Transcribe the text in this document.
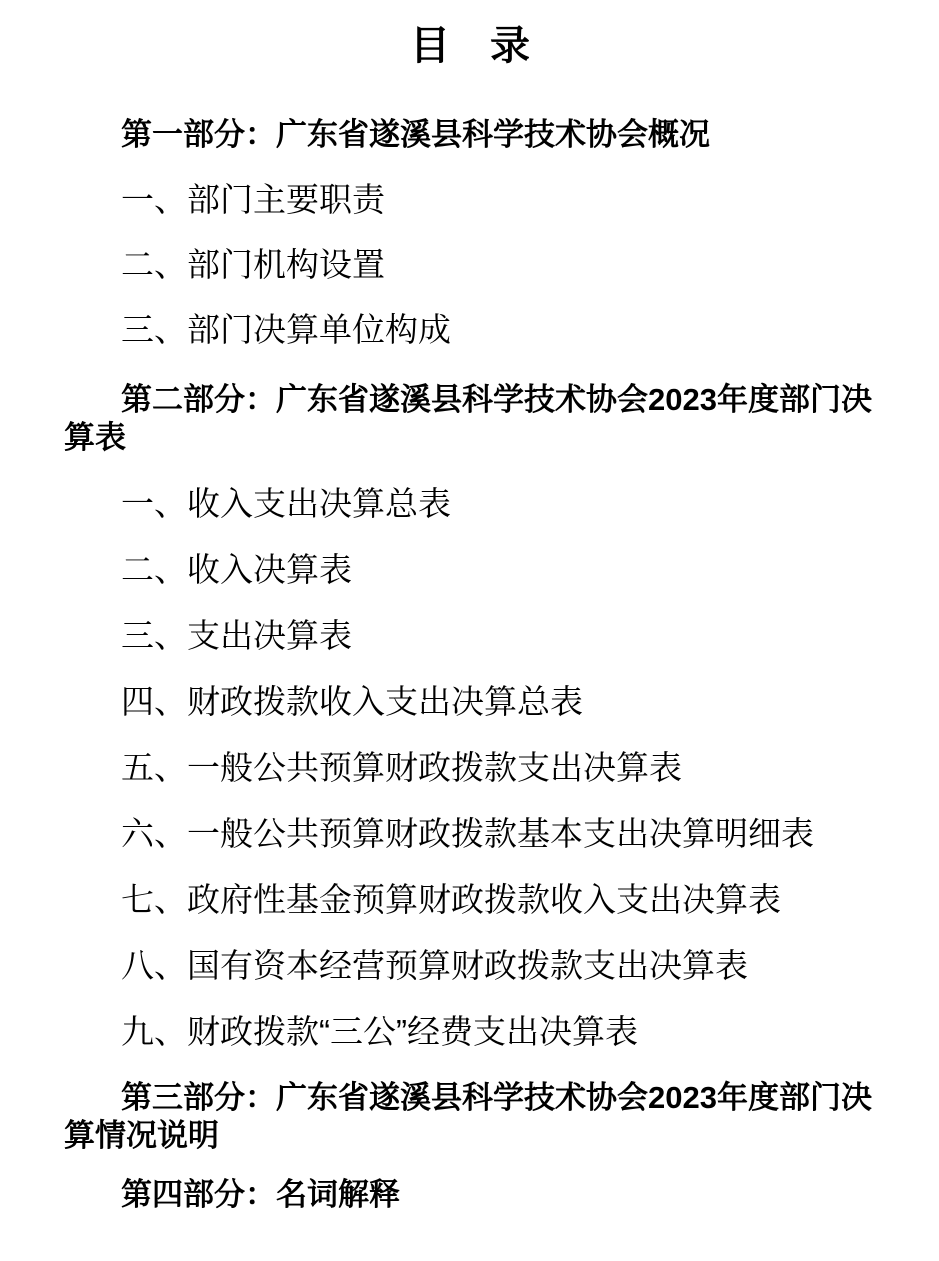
目　录

第一部分：广东省遂溪县科学技术协会概况

一、部门主要职责

二、部门机构设置

三、部门决算单位构成

第二部分：广东省遂溪县科学技术协会2023年度部门决算表

一、收入支出决算总表

二、收入决算表

三、支出决算表

四、财政拨款收入支出决算总表

五、一般公共预算财政拨款支出决算表

六、一般公共预算财政拨款基本支出决算明细表

七、政府性基金预算财政拨款收入支出决算表

八、国有资本经营预算财政拨款支出决算表

九、财政拨款“三公”经费支出决算表

第三部分：广东省遂溪县科学技术协会2023年度部门决算情况说明

第四部分：名词解释
